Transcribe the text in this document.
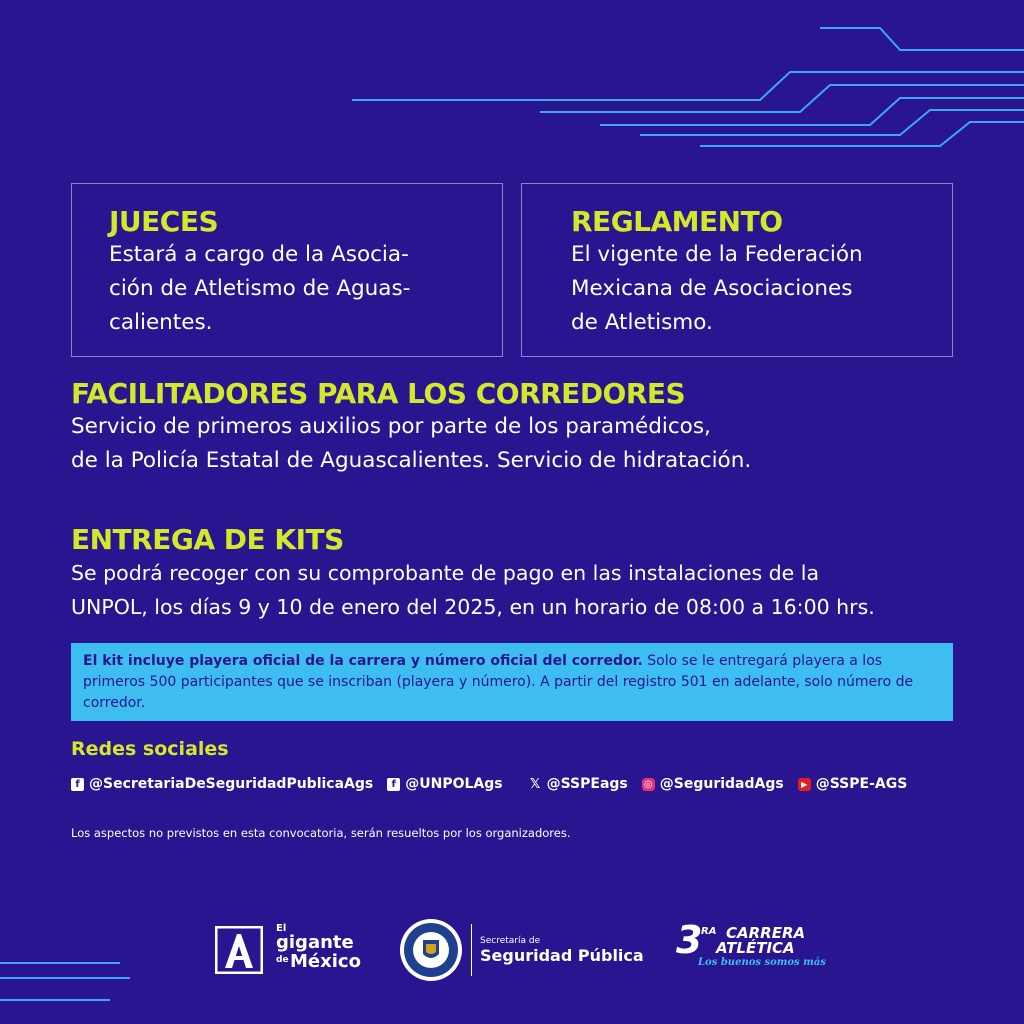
JUECES

Estará a cargo de la Asocia-

ción de Atletismo de Aguas-

calientes.

REGLAMENTO

El vigente de la Federación

Mexicana de Asociaciones

de Atletismo.

FACILITADORES PARA LOS CORREDORES

Servicio de primeros auxilios por parte de los paramédicos,

de la Policía Estatal de Aguascalientes. Servicio de hidratación.

ENTREGA DE KITS

Se podrá recoger con su comprobante de pago en las instalaciones de la

UNPOL, los días 9 y 10 de enero del 2025, en un horario de 08:00 a 16:00 hrs.

El kit incluye playera oficial de la carrera y número oficial del corredor. Solo se le entregará playera a los primeros 500 participantes que se inscriban (playera y número). A partir del registro 501 en adelante, solo número de corredor.
Redes sociales
f @SecretariaDeSeguridadPublicaAgs	f @UNPOLAgs 𝕏 @SSPEags ◎ @SeguridadAgs	▶ @SSPE-AGS
Los aspectos no previstos en esta convocatoria, serán resueltos por los organizadores.
El
gigante
de México
Secretaría de
Seguridad Pública 3
RA CARRERA
ATLÉTICA
Los buenos somos más
